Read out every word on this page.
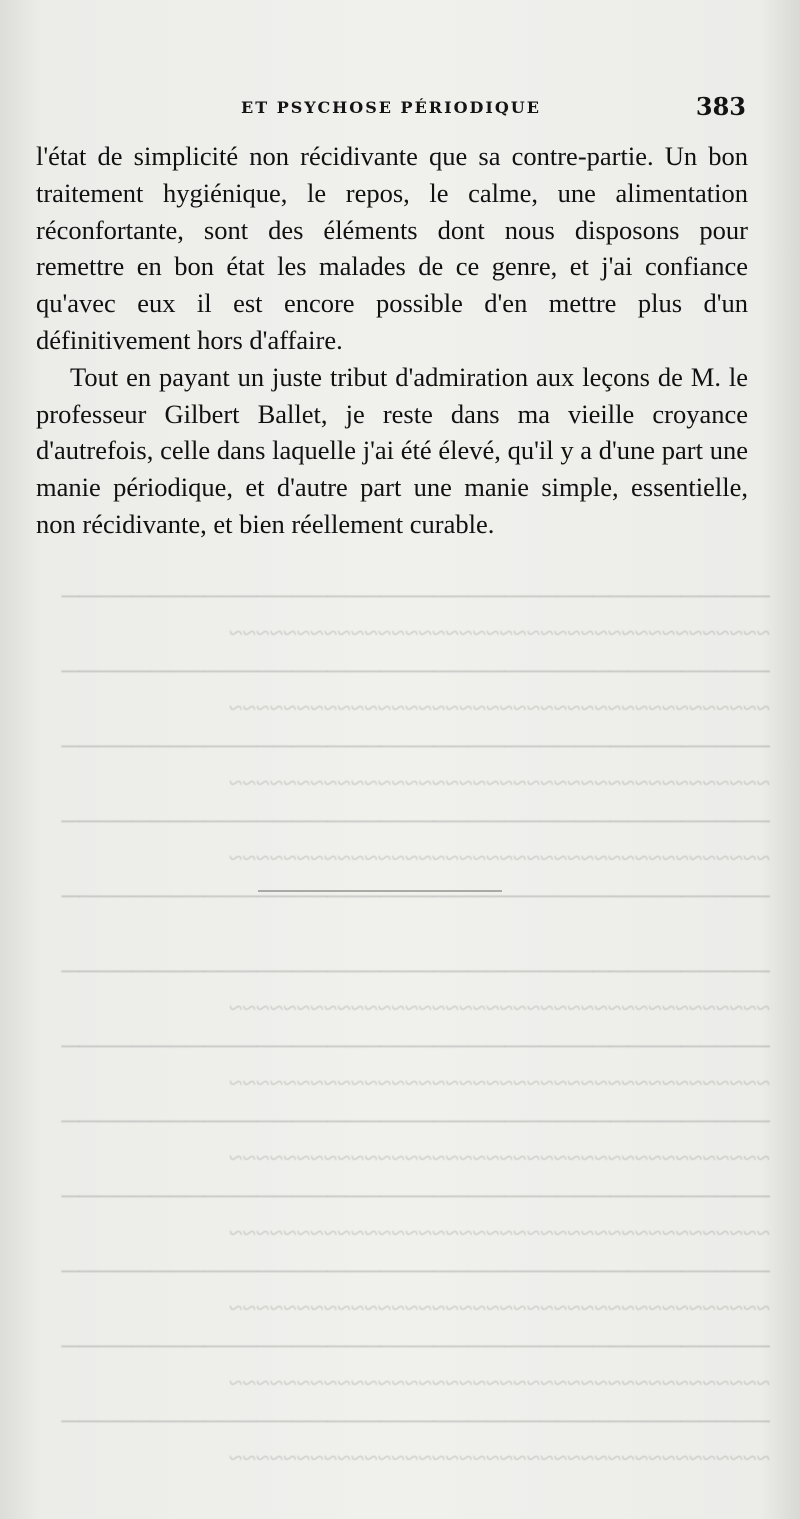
────────────────────────────────────────
~~~~~~~~~~~~~~~~~~~~~~~~~~~~~~~~~~~~~~~~
────────────────────────────────────────
~~~~~~~~~~~~~~~~~~~~~~~~~~~~~~~~~~~~~~~~
────────────────────────────────────────
~~~~~~~~~~~~~~~~~~~~~~~~~~~~~~~~~~~~~~~~
────────────────────────────────────────
~~~~~~~~~~~~~~~~~~~~~~~~~~~~~~~~~~~~~~~~
────────────────────────────────────────

────────────────────────────────────────
~~~~~~~~~~~~~~~~~~~~~~~~~~~~~~~~~~~~~~~~
────────────────────────────────────────
~~~~~~~~~~~~~~~~~~~~~~~~~~~~~~~~~~~~~~~~
────────────────────────────────────────
~~~~~~~~~~~~~~~~~~~~~~~~~~~~~~~~~~~~~~~~
────────────────────────────────────────
~~~~~~~~~~~~~~~~~~~~~~~~~~~~~~~~~~~~~~~~
────────────────────────────────────────
~~~~~~~~~~~~~~~~~~~~~~~~~~~~~~~~~~~~~~~~
────────────────────────────────────────
~~~~~~~~~~~~~~~~~~~~~~~~~~~~~~~~~~~~~~~~
────────────────────────────────────────
~~~~~~~~~~~~~~~~~~~~~~~~~~~~~~~~~~~~~~~~

ET PSYCHOSE PÉRIODIQUE	383

l'état de simplicité non récidivante que sa contre-partie. Un bon traitement hygiénique, le repos, le calme, une alimentation réconfortante, sont des éléments dont nous disposons pour remettre en bon état les malades de ce genre, et j'ai confiance qu'avec eux il est encore possible d'en mettre plus d'un définitivement hors d'affaire.

Tout en payant un juste tribut d'admiration aux leçons de M. le professeur Gilbert Ballet, je reste dans ma vieille croyance d'autrefois, celle dans laquelle j'ai été élevé, qu'il y a d'une part une manie périodique, et d'autre part une manie simple, essentielle, non récidivante, et bien réellement curable.
